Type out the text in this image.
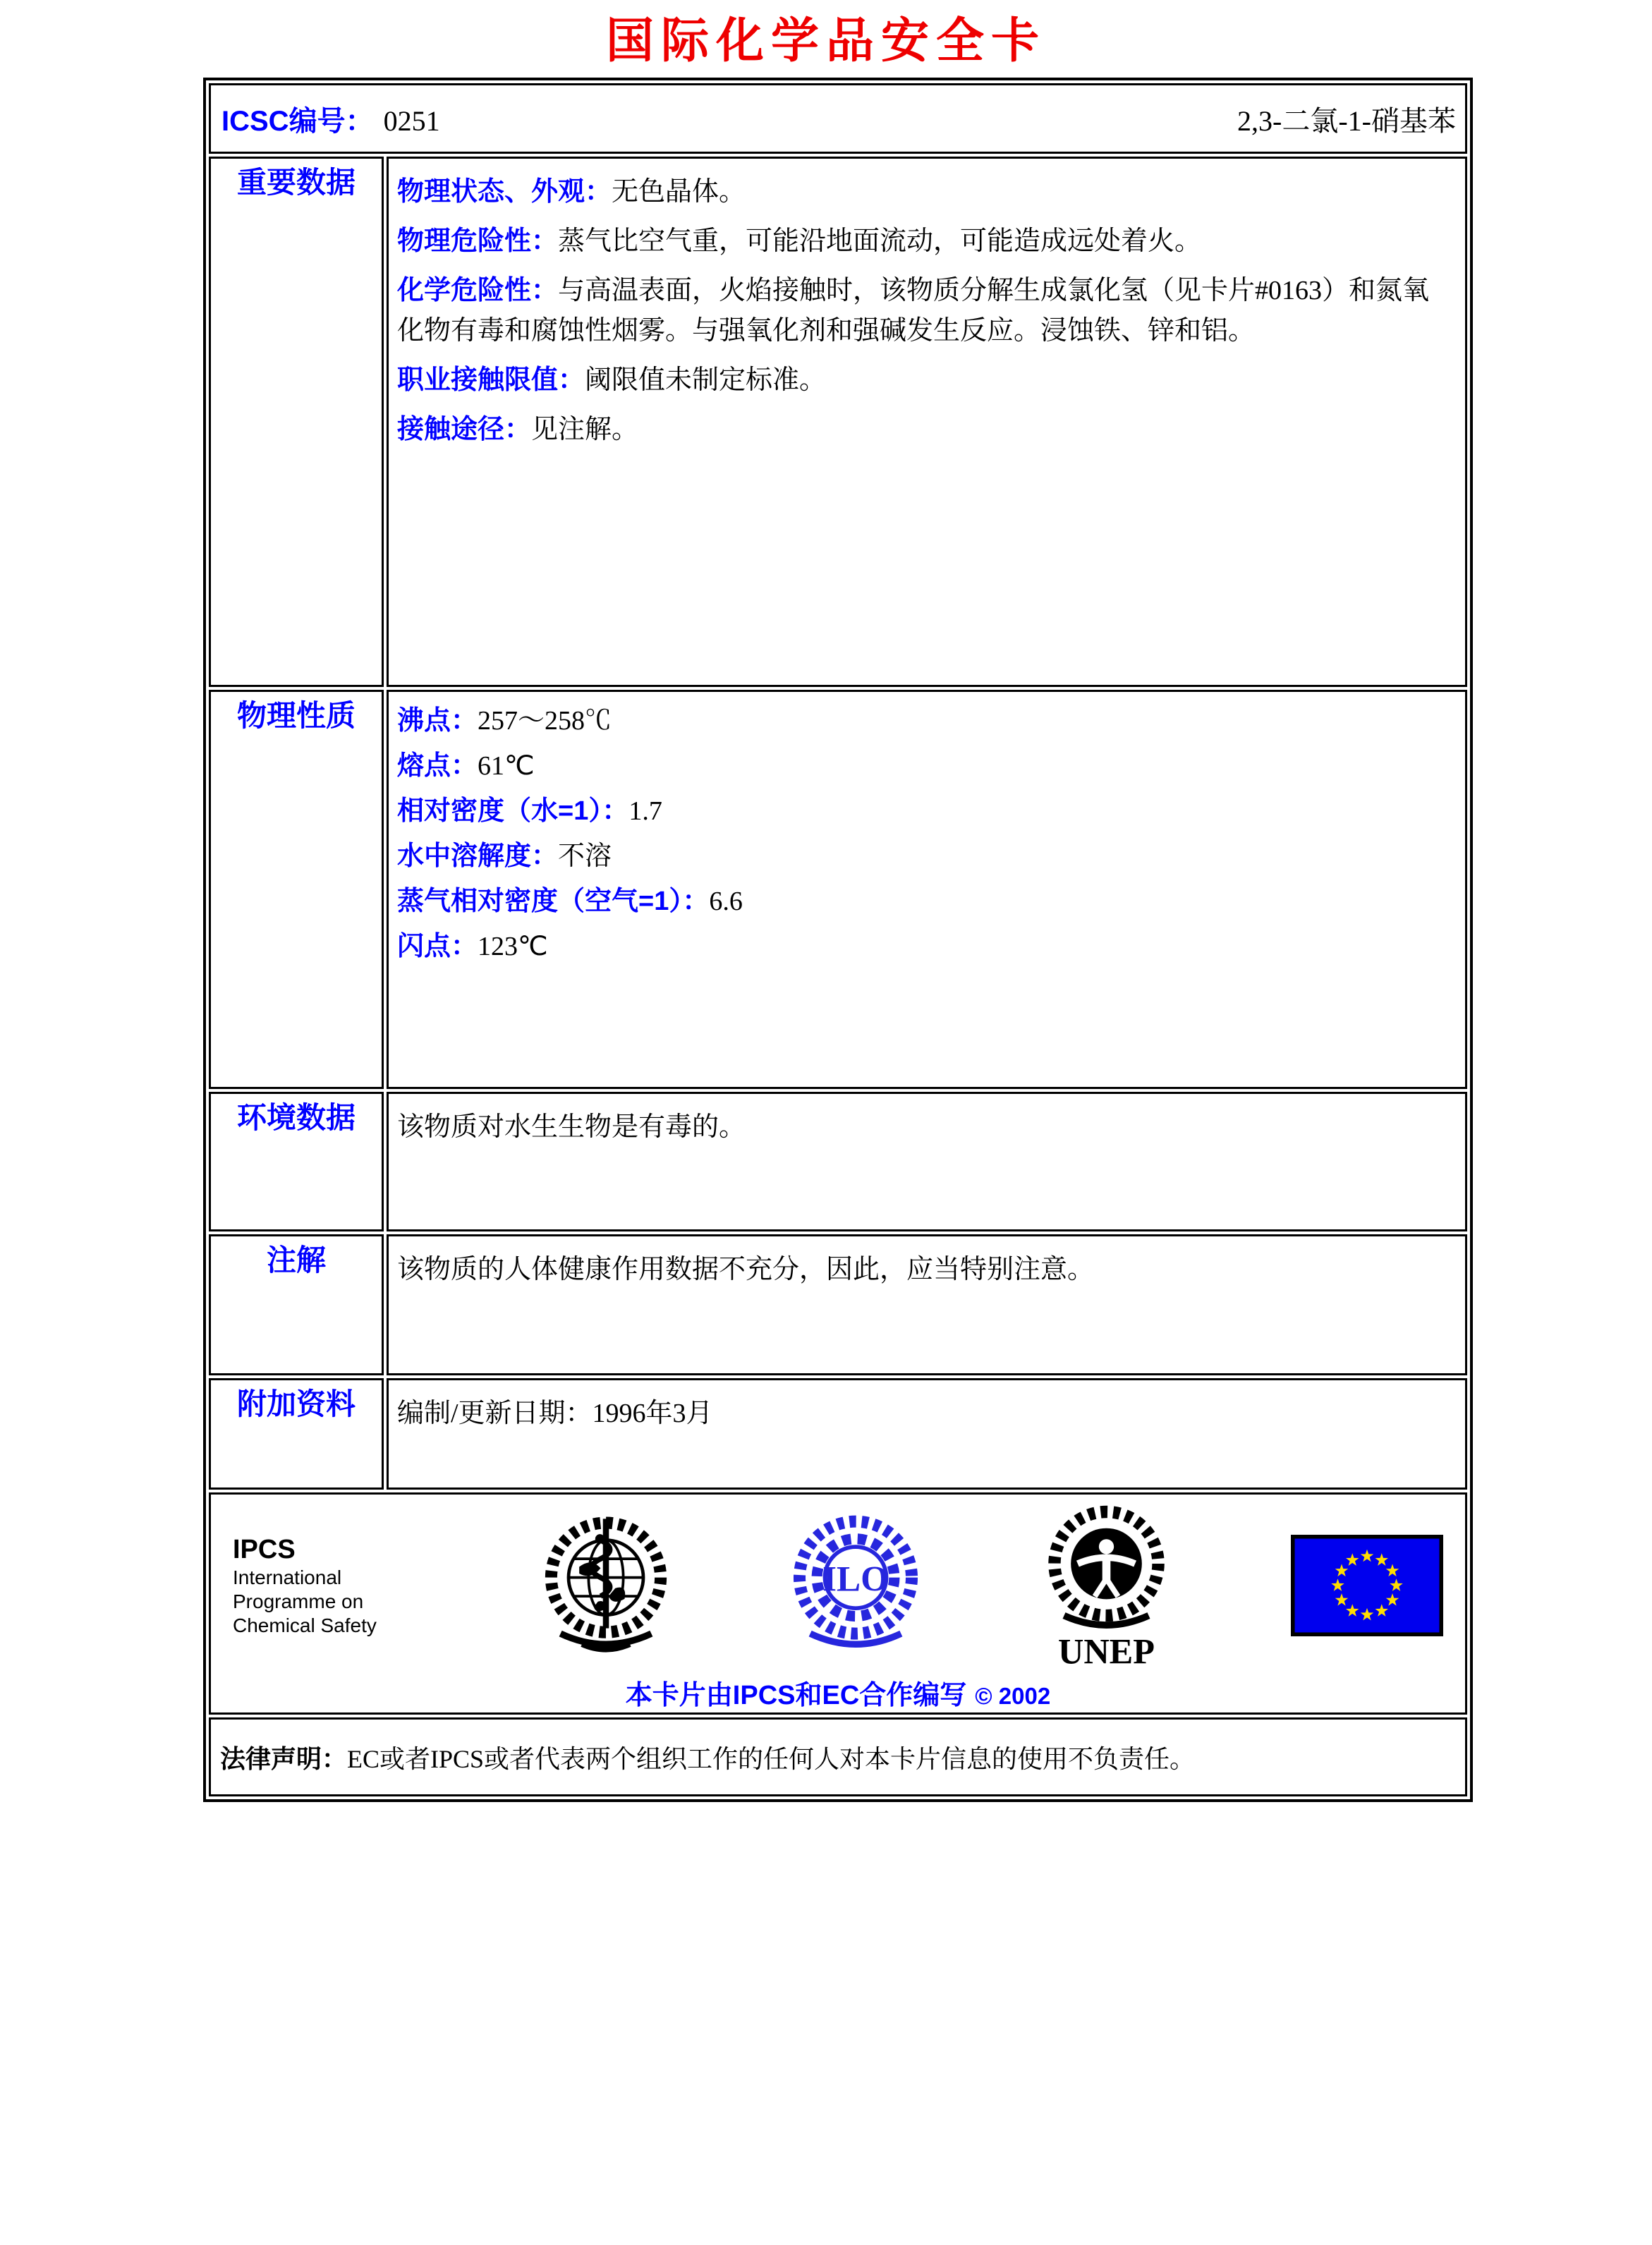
国际化学品安全卡
ICSC编号： 0251 2,3-二氯-1-硝基苯	

重要数据	物理状态、外观：无色晶体。

物理危险性：蒸气比空气重，可能沿地面流动，可能造成远处着火。

化学危险性：与高温表面，火焰接触时，该物质分解生成氯化氢（见卡片#0163）和氮氧化物有毒和腐蚀性烟雾。与强氧化剂和强碱发生反应。浸蚀铁、锌和铝。

职业接触限值：阈限值未制定标准。

接触途径：见注解。

物理性质	沸点：257～258℃

熔点：61℃

相对密度（水=1）：1.7

水中溶解度：不溶

蒸气相对密度（空气=1）：6.6

闪点：123℃

环境数据	该物质对水生生物是有毒的。

注解	该物质的人体健康作用数据不充分，因此，应当特别注意。

附加资料	编制/更新日期：1996年3月

IPCS
International
Programme on
Chemical Safety
ILO
UNEP
本卡片由IPCS和EC合作编写 © 2002

法律声明： EC或者IPCS或者代表两个组织工作的任何人对本卡片信息的使用不负责任。	
